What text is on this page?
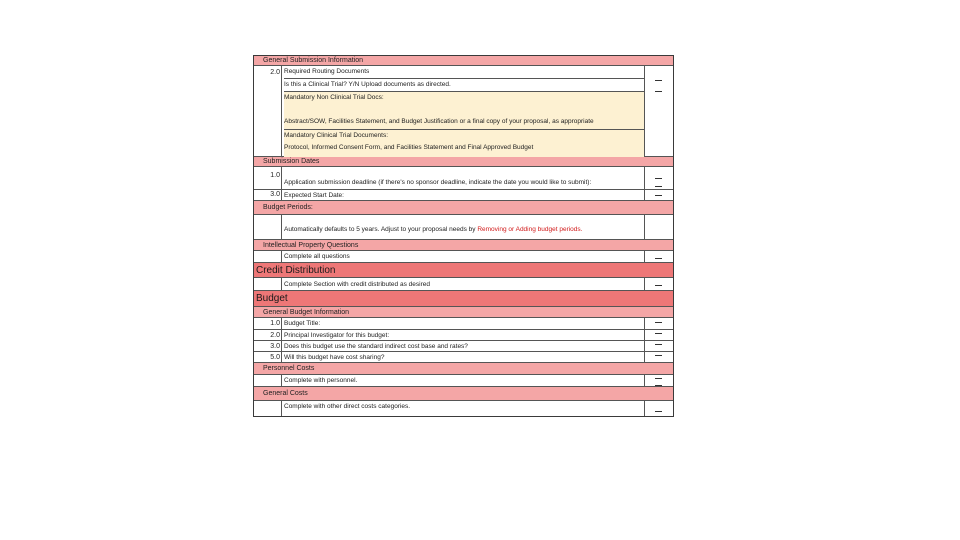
General Submission Information
2.0 Required Routing Documents
Is this a Clinical Trial? Y/N Upload documents as directed.
Mandatory Non Clinical Trial Docs:
Abstract/SOW, Facilities Statement, and Budget Justification or a final copy of your proposal, as appropriate
Mandatory Clinical Trial Documents:
Protocol, Informed Consent Form, and Facilities Statement and Final Approved Budget
Submission Dates
1.0
Application submission deadline (if there's no sponsor deadline, indicate the date you would like to submit):
3.0 Expected Start Date:
Budget Periods:
Automatically defaults to 5 years. Adjust to your proposal needs by Removing or Adding budget periods.
Intellectual Property Questions
Complete all questions
Credit Distribution
Complete Section with credit distributed as desired
Budget
General Budget Information
1.0 Budget Title:
2.0 Principal Investigator for this budget:
3.0 Does this budget use the standard indirect cost base and rates?
5.0 Will this budget have cost sharing?
Personnel Costs
Complete with personnel.
General Costs
Complete with other direct costs categories.
